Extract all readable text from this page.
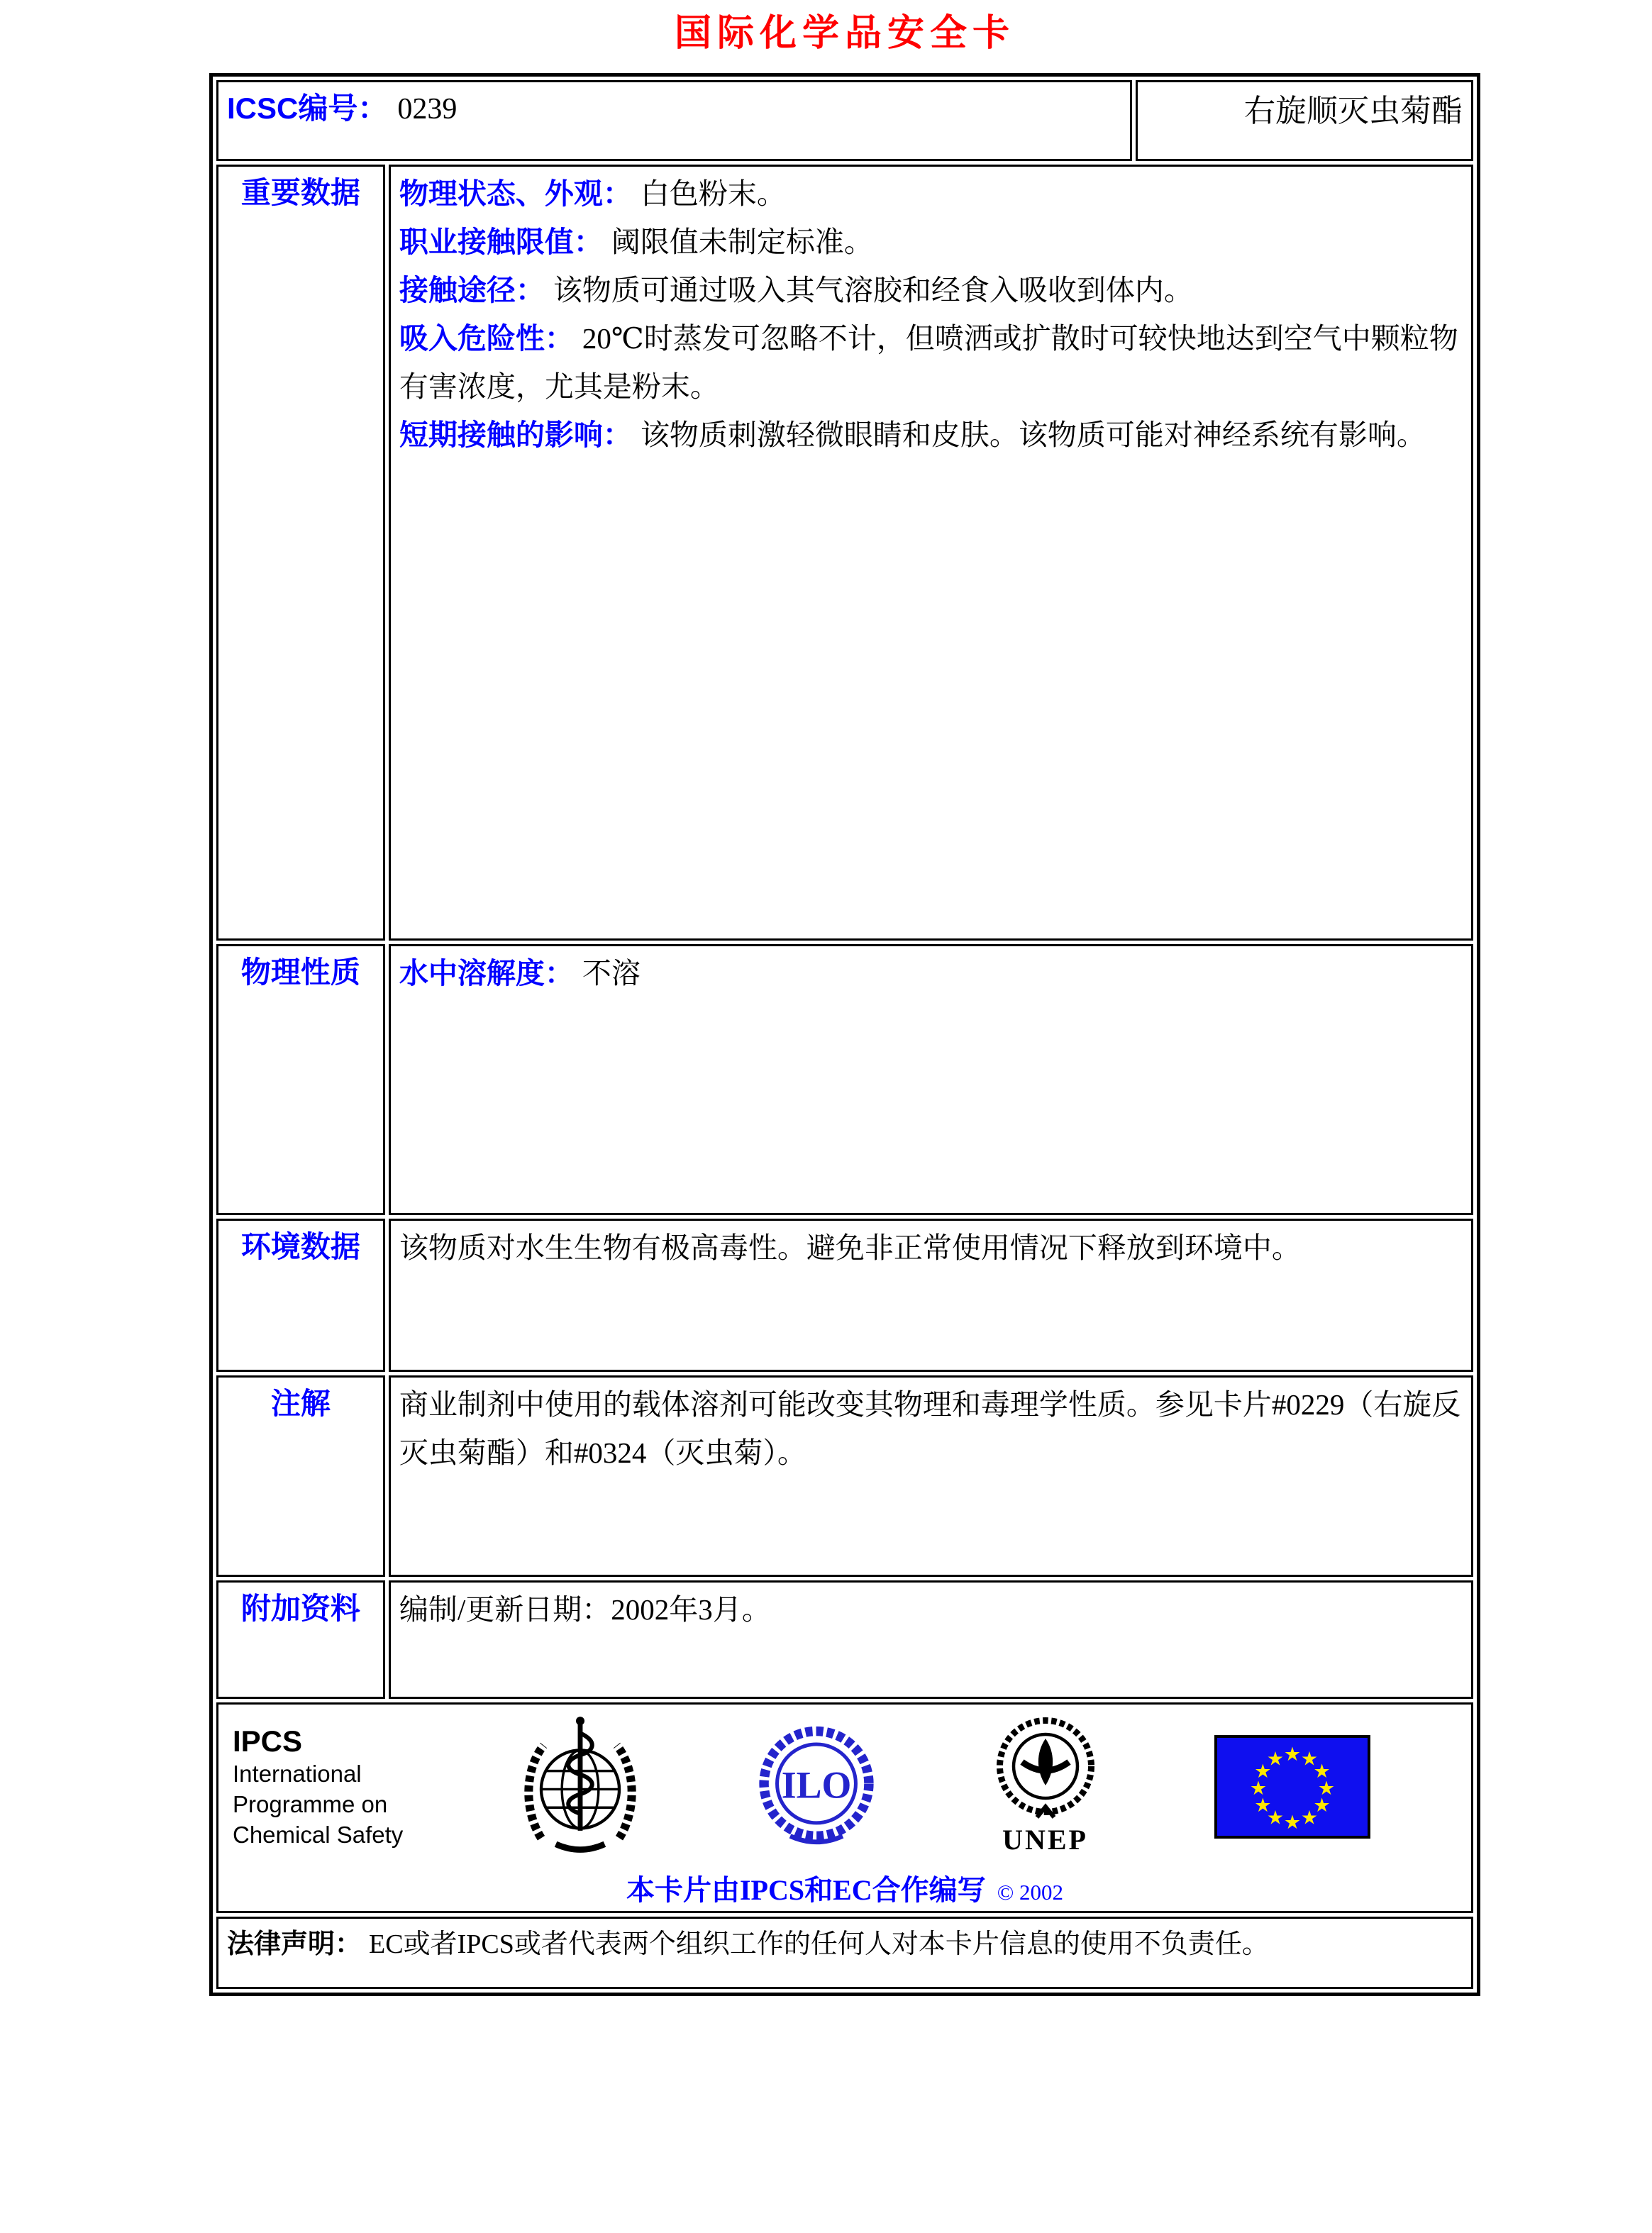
国际化学品安全卡
ICSC编号： 0239		右旋顺灭虫菊酯
重要数据	物理状态、外观： 白色粉末。

职业接触限值： 阈限值未制定标准。

接触途径： 该物质可通过吸入其气溶胶和经食入吸收到体内。

吸入危险性： 20℃时蒸发可忽略不计，但喷洒或扩散时可较快地达到空气中颗粒物有害浓度，尤其是粉末。

短期接触的影响： 该物质刺激轻微眼睛和皮肤。该物质可能对神经系统有影响。	

物理性质	水中溶解度： 不溶	

环境数据	该物质对水生生物有极高毒性。避免非正常使用情况下释放到环境中。	

注解	商业制剂中使用的载体溶剂可能改变其物理和毒理学性质。参见卡片#0229（右旋反灭虫菊酯）和#0324（灭虫菊）。	

附加资料	编制/更新日期：2002年3月。	

IPCS
International
Programme on
Chemical Safety
ILO
UNEP
★ ★
★
★
★
★
★
★
★
★
★
★
本卡片由IPCS和EC合作编写 © 2002

法律声明： EC或者IPCS或者代表两个组织工作的任何人对本卡片信息的使用不负责任。		
